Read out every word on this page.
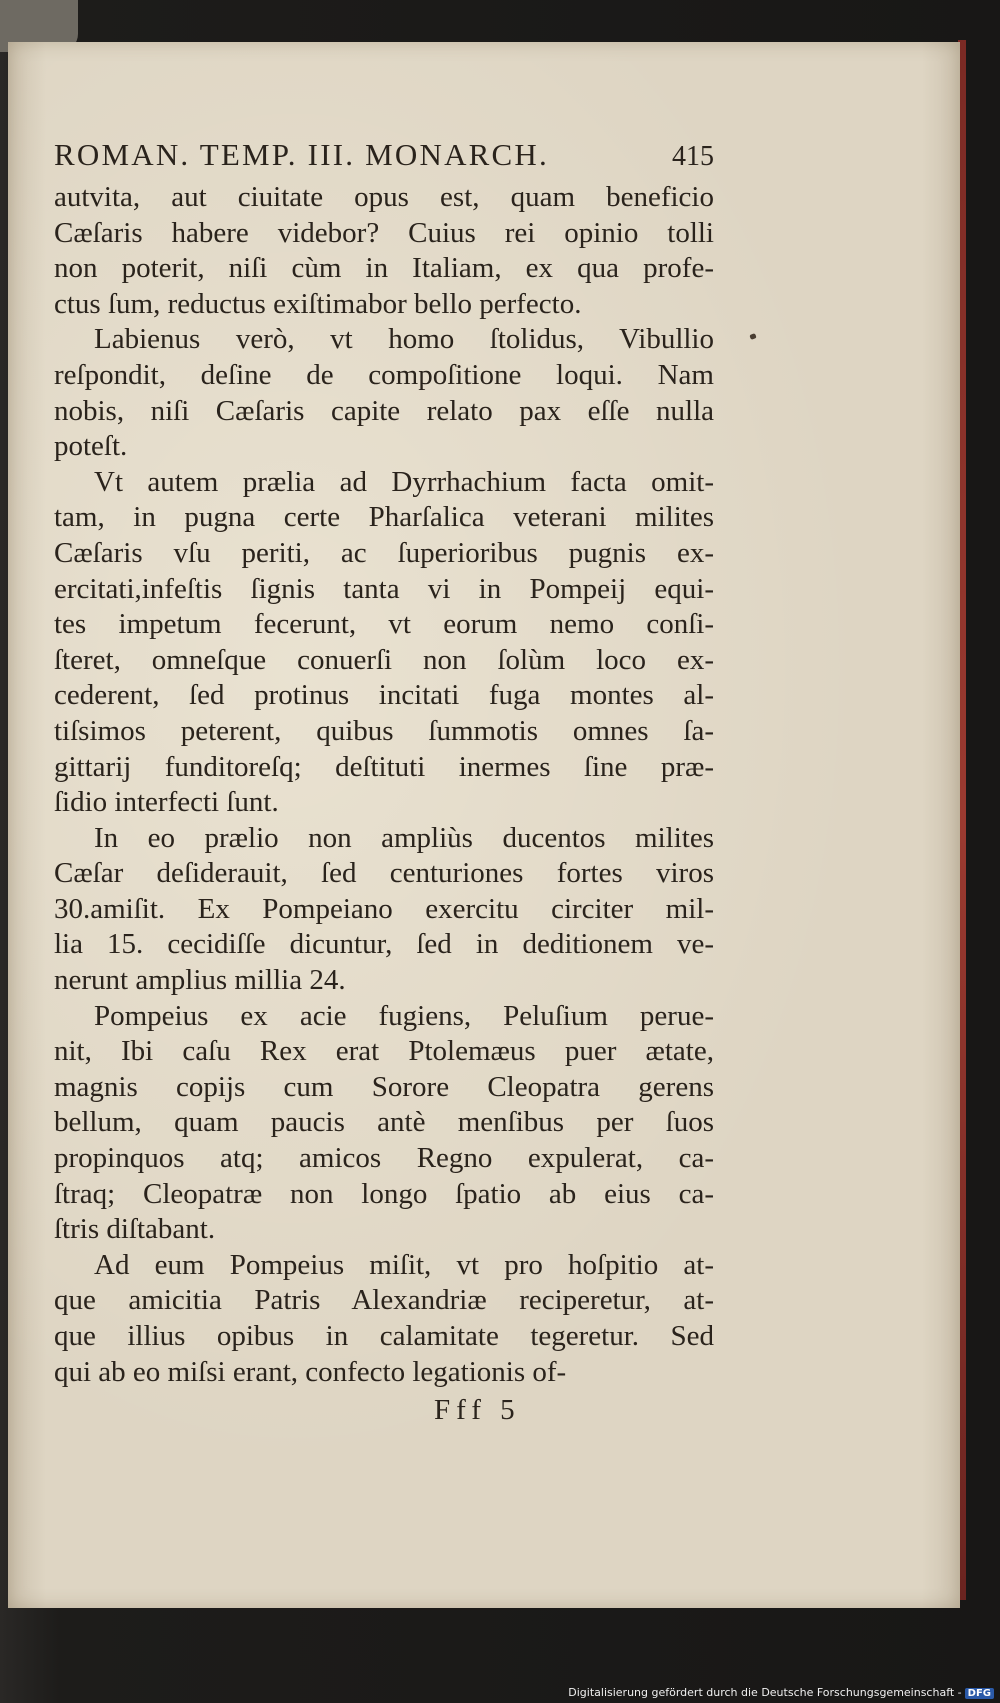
ROMAN. TEMP. III. MONARCH.	415
autvita, aut ciuitate opus est, quam beneficio
Cæſaris habere videbor? Cuius rei opinio tolli
non poterit, niſi cùm in Italiam, ex qua profe-
ctus ſum, reductus exiſtimabor bello perfecto.
Labienus verò, vt homo ſtolidus, Vibullio
reſpondit, deſine de compoſitione loqui. Nam
nobis, niſi Cæſaris capite relato pax eſſe nulla
poteſt.
Vt autem prælia ad Dyrrhachium facta omit-
tam, in pugna certe Pharſalica veterani milites
Cæſaris vſu periti, ac ſuperioribus pugnis ex-
ercitati,infeſtis ſignis tanta vi in Pompeij equi-
tes impetum fecerunt, vt eorum nemo conſi-
ſteret, omneſque conuerſi non ſolùm loco ex-
cederent, ſed protinus incitati fuga montes al-
tiſsimos peterent, quibus ſummotis omnes ſa-
gittarij funditoreſq; deſtituti inermes ſine præ-
ſidio interfecti ſunt.
In eo prælio non ampliùs ducentos milites
Cæſar deſiderauit, ſed centuriones fortes viros
30.amiſit. Ex Pompeiano exercitu circiter mil-
lia 15. cecidiſſe dicuntur, ſed in deditionem ve-
nerunt amplius millia 24.
Pompeius ex acie fugiens, Peluſium perue-
nit, Ibi caſu Rex erat Ptolemæus puer ætate,
magnis copijs cum Sorore Cleopatra gerens
bellum, quam paucis antè menſibus per ſuos
propinquos atq; amicos Regno expulerat, ca-
ſtraq; Cleopatræ non longo ſpatio ab eius ca-
ſtris diſtabant.
Ad eum Pompeius miſit, vt pro hoſpitio at-
que amicitia Patris Alexandriæ reciperetur, at-
que illius opibus in calamitate tegeretur. Sed
qui ab eo miſsi erant, confecto legationis of-
Fff 5
Digitalisierung gefördert durch die Deutsche Forschungsgemeinschaft - DFG
